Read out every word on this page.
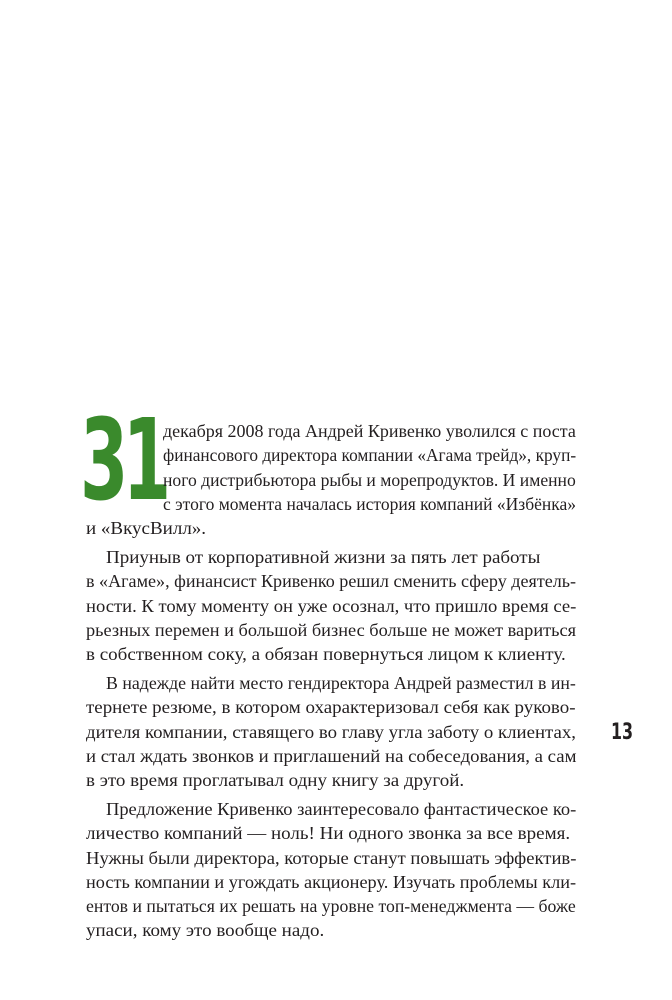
31
декабря 2008 года Андрей Кривенко уволился с поста
финансового директора компании «Агама трейд», круп-
ного дистрибьютора рыбы и морепродуктов. И именно
с этого момента началась история компаний «Избёнка»
и «ВкусВилл».
Приуныв от корпоративной жизни за пять лет работы
в «Агаме», финансист Кривенко решил сменить сферу деятель-
ности. К тому моменту он уже осознал, что пришло время се-
рьезных перемен и большой бизнес больше не может вариться
в собственном соку, а обязан повернуться лицом к клиенту.
В надежде найти место гендиректора Андрей разместил в ин-
тернете резюме, в котором охарактеризовал себя как руково-
дителя компании, ставящего во главу угла заботу о клиентах,
и стал ждать звонков и приглашений на собеседования, а сам
в это время проглатывал одну книгу за другой.
Предложение Кривенко заинтересовало фантастическое ко-
личество компаний — ноль! Ни одного звонка за все время.
Нужны были директора, которые станут повышать эффектив-
ность компании и угождать акционеру. Изучать проблемы кли-
ентов и пытаться их решать на уровне топ-менеджмента — боже
упаси, кому это вообще надо.
13
